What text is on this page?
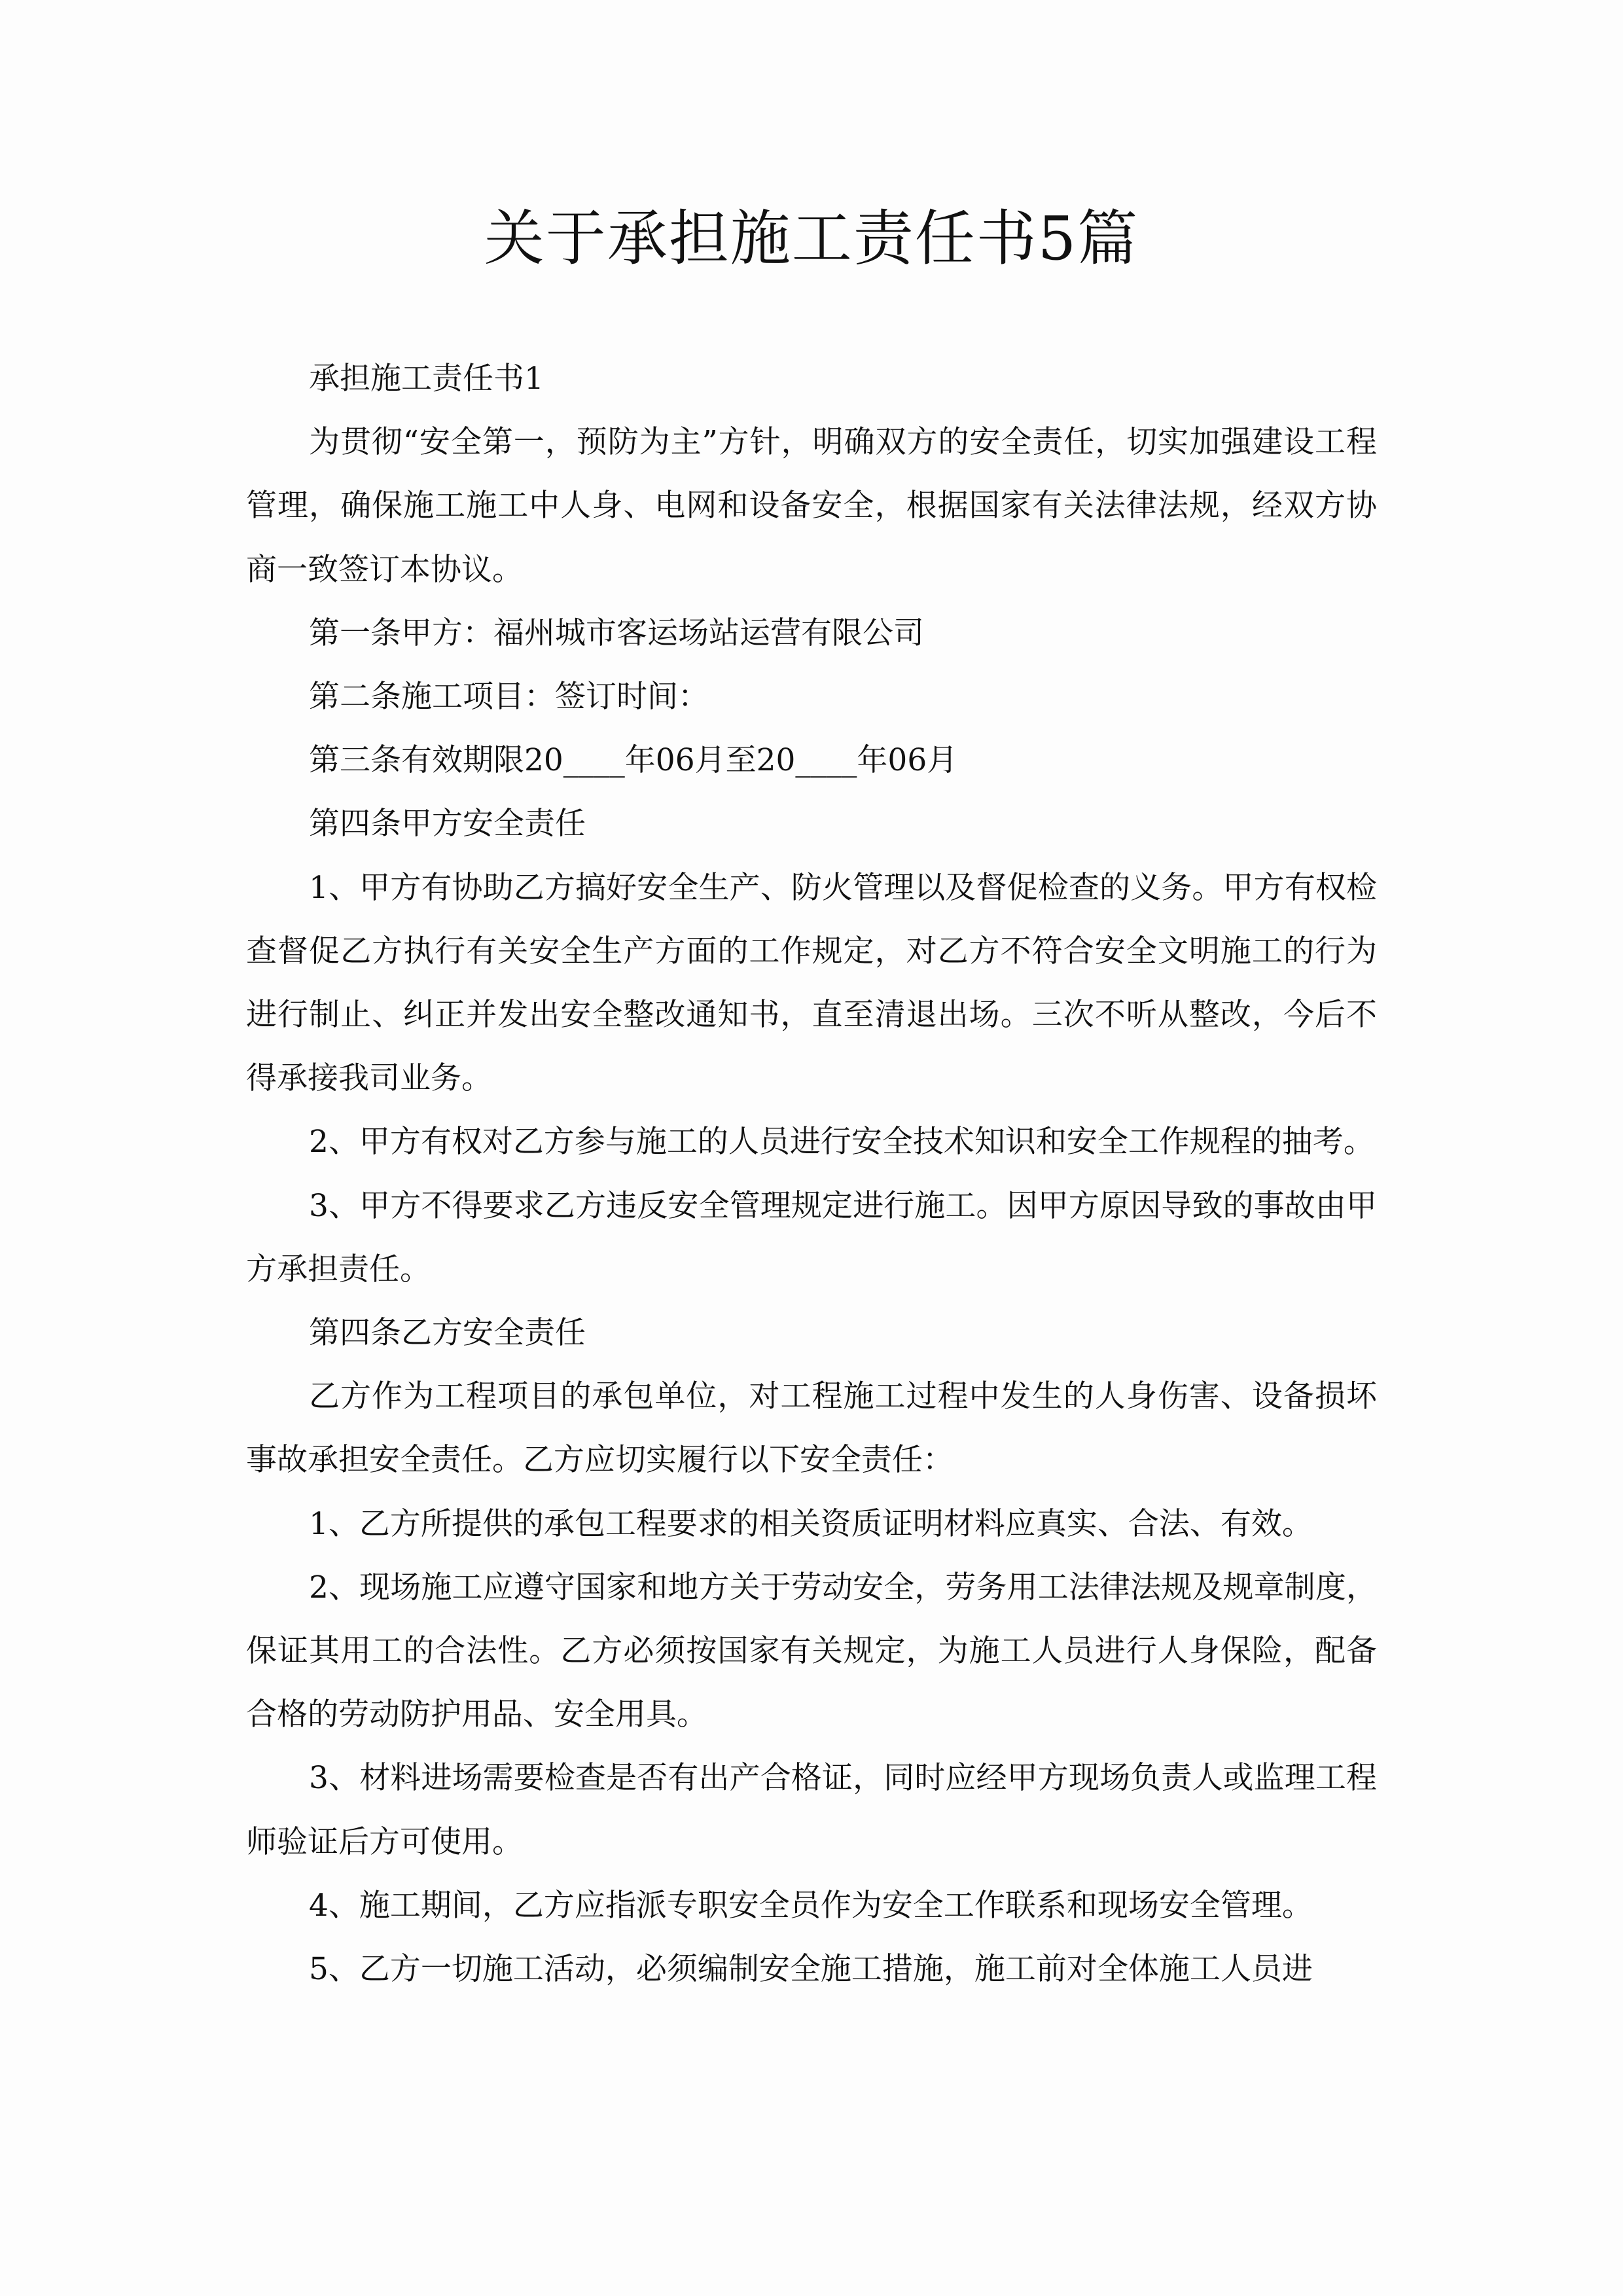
关于承担施工责任书5篇

承担施工责任书1

为贯彻“安全第一，预防为主”方针，明确双方的安全责任，切实加强建设工程管理，确保施工施工中人身、电网和设备安全，根据国家有关法律法规，经双方协商一致签订本协议。

第一条甲方：福州城市客运场站运营有限公司

第二条施工项目：签订时间：

第三条有效期限20____年06月至20____年06月

第四条甲方安全责任

1、甲方有协助乙方搞好安全生产、防火管理以及督促检查的义务。甲方有权检查督促乙方执行有关安全生产方面的工作规定，对乙方不符合安全文明施工的行为进行制止、纠正并发出安全整改通知书，直至清退出场。三次不听从整改，今后不得承接我司业务。

2、甲方有权对乙方参与施工的人员进行安全技术知识和安全工作规程的抽考。

3、甲方不得要求乙方违反安全管理规定进行施工。因甲方原因导致的事故由甲方承担责任。

第四条乙方安全责任

乙方作为工程项目的承包单位，对工程施工过程中发生的人身伤害、设备损坏事故承担安全责任。乙方应切实履行以下安全责任：

1、乙方所提供的承包工程要求的相关资质证明材料应真实、合法、有效。

2、现场施工应遵守国家和地方关于劳动安全，劳务用工法律法规及规章制度，保证其用工的合法性。乙方必须按国家有关规定，为施工人员进行人身保险，配备合格的劳动防护用品、安全用具。

3、材料进场需要检查是否有出产合格证，同时应经甲方现场负责人或监理工程师验证后方可使用。

4、施工期间，乙方应指派专职安全员作为安全工作联系和现场安全管理。

5、乙方一切施工活动，必须编制安全施工措施，施工前对全体施工人员进
